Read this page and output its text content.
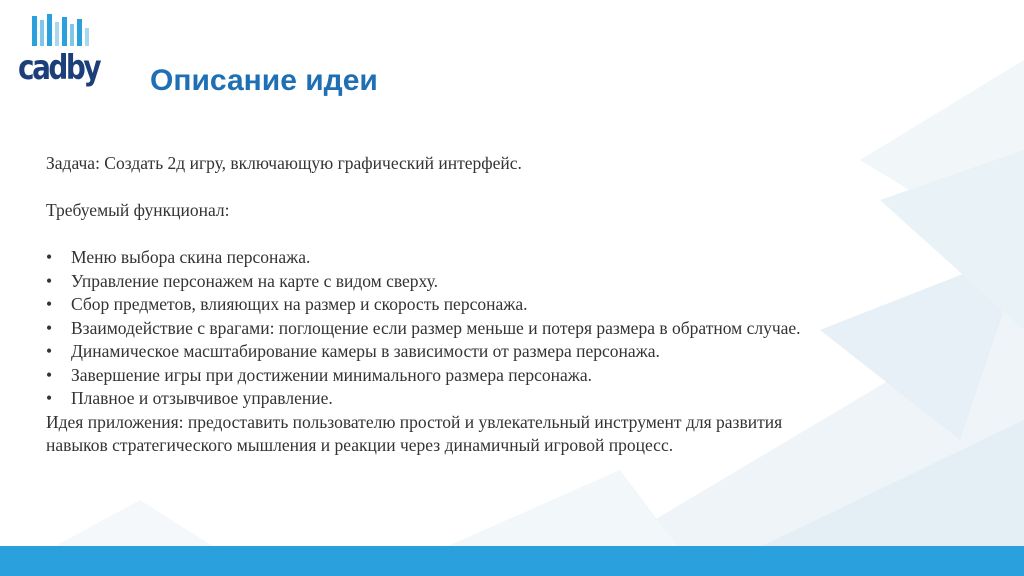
cadby Описание идеи

Задача: Создать 2д игру, включающую графический интерфейс.

Требуемый функционал:

• Меню выбора скина персонажа.
• Управление персонажем на карте с видом сверху.
• Сбор предметов, влияющих на размер и скорость персонажа.
• Взаимодействие с врагами: поглощение если размер меньше и потеря размера в обратном случае.
• Динамическое масштабирование камеры в зависимости от размера персонажа.
• Завершение игры при достижении минимального размера персонажа.
• Плавное и отзывчивое управление.

Идея приложения: предоставить пользователю простой и увлекательный инструмент для развития навыков стратегического мышления и реакции через динамичный игровой процесс.
